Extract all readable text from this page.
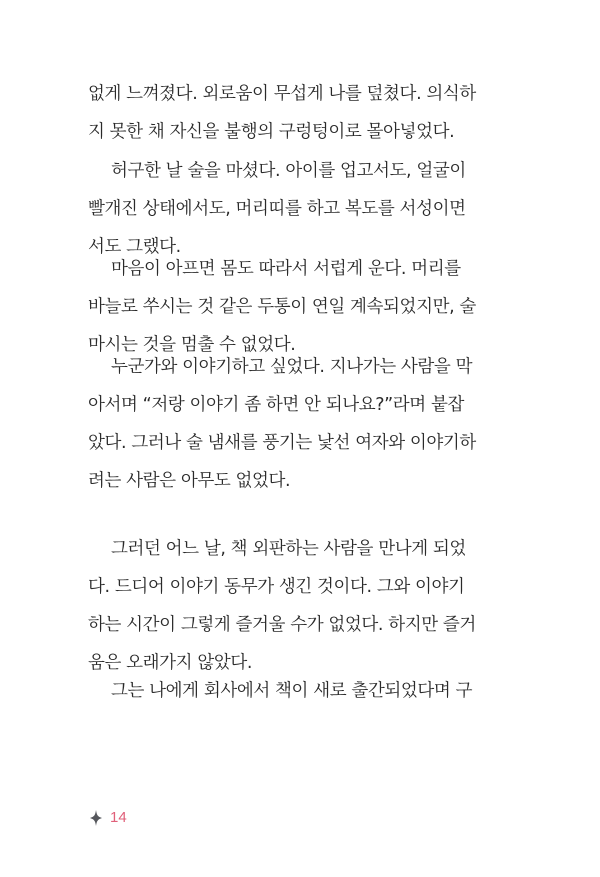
없게 느껴졌다. 외로움이 무섭게 나를 덮쳤다. 의식하
지 못한 채 자신을 불행의 구렁텅이로 몰아넣었다.
허구한 날 술을 마셨다. 아이를 업고서도, 얼굴이
빨개진 상태에서도, 머리띠를 하고 복도를 서성이면
서도 그랬다.
마음이 아프면 몸도 따라서 서럽게 운다. 머리를
바늘로 쑤시는 것 같은 두통이 연일 계속되었지만, 술
마시는 것을 멈출 수 없었다.
누군가와 이야기하고 싶었다. 지나가는 사람을 막
아서며 “저랑 이야기 좀 하면 안 되나요?”라며 붙잡
았다. 그러나 술 냄새를 풍기는 낯선 여자와 이야기하
려는 사람은 아무도 없었다.
그러던 어느 날, 책 외판하는 사람을 만나게 되었
다. 드디어 이야기 동무가 생긴 것이다. 그와 이야기
하는 시간이 그렇게 즐거울 수가 없었다. 하지만 즐거
움은 오래가지 않았다.
그는 나에게 회사에서 책이 새로 출간되었다며 구
14
